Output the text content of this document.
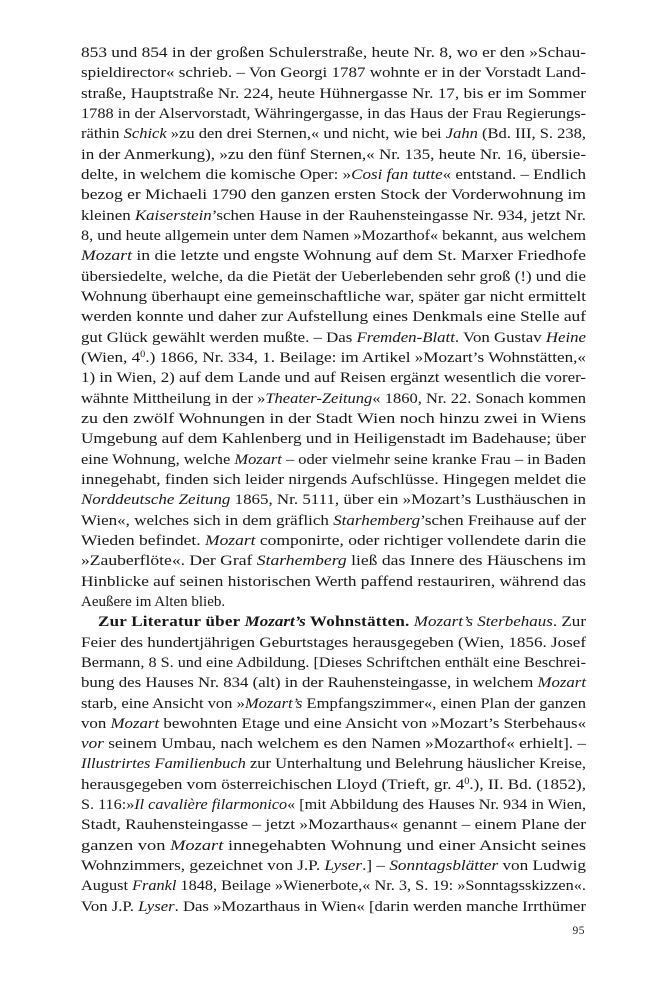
853 und 854 in der großen Schulerstraße, heute Nr. 8, wo er den »Schau-
spieldirector« schrieb. – Von Georgi 1787 wohnte er in der Vorstadt Land-
straße, Hauptstraße Nr. 224, heute Hühnergasse Nr. 17, bis er im Sommer
1788 in der Alservorstadt, Währingergasse, in das Haus der Frau Regierungs-
räthin Schick »zu den drei Sternen,« und nicht, wie bei Jahn (Bd. III, S. 238,
in der Anmerkung), »zu den fünf Sternen,« Nr. 135, heute Nr. 16, übersie-
delte, in welchem die komische Oper: »Cosi fan tutte« entstand. – Endlich
bezog er Michaeli 1790 den ganzen ersten Stock der Vorderwohnung im
kleinen Kaiserstein’schen Hause in der Rauhensteingasse Nr. 934, jetzt Nr.
8, und heute allgemein unter dem Namen »Mozarthof« bekannt, aus welchem
Mozart in die letzte und engste Wohnung auf dem St. Marxer Friedhofe
übersiedelte, welche, da die Pietät der Ueberlebenden sehr groß (!) und die
Wohnung überhaupt eine gemeinschaftliche war, später gar nicht ermittelt
werden konnte und daher zur Aufstellung eines Denkmals eine Stelle auf
gut Glück gewählt werden mußte. – Das Fremden-Blatt. Von Gustav Heine
(Wien, $4^0$.) 1866, Nr. 334, 1. Beilage: im Artikel »Mozart’s Wohnstätten,«
1) in Wien, 2) auf dem Lande und auf Reisen ergänzt wesentlich die vorer-
wähnte Mittheilung in der »Theater-Zeitung« 1860, Nr. 22. Sonach kommen
zu den zwölf Wohnungen in der Stadt Wien noch hinzu zwei in Wiens
Umgebung auf dem Kahlenberg und in Heiligenstadt im Badehause; über
eine Wohnung, welche Mozart – oder vielmehr seine kranke Frau – in Baden
innegehabt, finden sich leider nirgends Aufschlüsse. Hingegen meldet die
Norddeutsche Zeitung 1865, Nr. 5111, über ein »Mozart’s Lusthäuschen in
Wien«, welches sich in dem gräflich Starhemberg’schen Freihause auf der
Wieden befindet. Mozart componirte, oder richtiger vollendete darin die
»Zauberflöte«. Der Graf Starhemberg ließ das Innere des Häuschens im
Hinblicke auf seinen historischen Werth paffend restauriren, während das
Aeußere im Alten blieb.
Zur Literatur über Mozart’s Wohnstätten. Mozart’s Sterbehaus. Zur
Feier des hundertjährigen Geburtstages herausgegeben (Wien, 1856. Josef
Bermann, 8 S. und eine Adbildung. [Dieses Schriftchen enthält eine Beschrei-
bung des Hauses Nr. 834 (alt) in der Rauhensteingasse, in welchem Mozart
starb, eine Ansicht von »Mozart’s Empfangszimmer«, einen Plan der ganzen
von Mozart bewohnten Etage und eine Ansicht von »Mozart’s Sterbehaus«
vor seinem Umbau, nach welchem es den Namen »Mozarthof« erhielt]. –
Illustrirtes Familienbuch zur Unterhaltung und Belehrung häuslicher Kreise,
herausgegeben vom österreichischen Lloyd (Trieft, gr. $4^0$.), II. Bd. (1852),
S. 116:»Il cavalière filarmonico« [mit Abbildung des Hauses Nr. 934 in Wien,
Stadt, Rauhensteingasse – jetzt »Mozarthaus« genannt – einem Plane der
ganzen von Mozart innegehabten Wohnung und einer Ansicht seines
Wohnzimmers, gezeichnet von J.P. Lyser.] – Sonntagsblätter von Ludwig
August Frankl 1848, Beilage »Wienerbote,« Nr. 3, S. 19: »Sonntagsskizzen«.
Von J.P. Lyser. Das »Mozarthaus in Wien« [darin werden manche Irrthümer
95
